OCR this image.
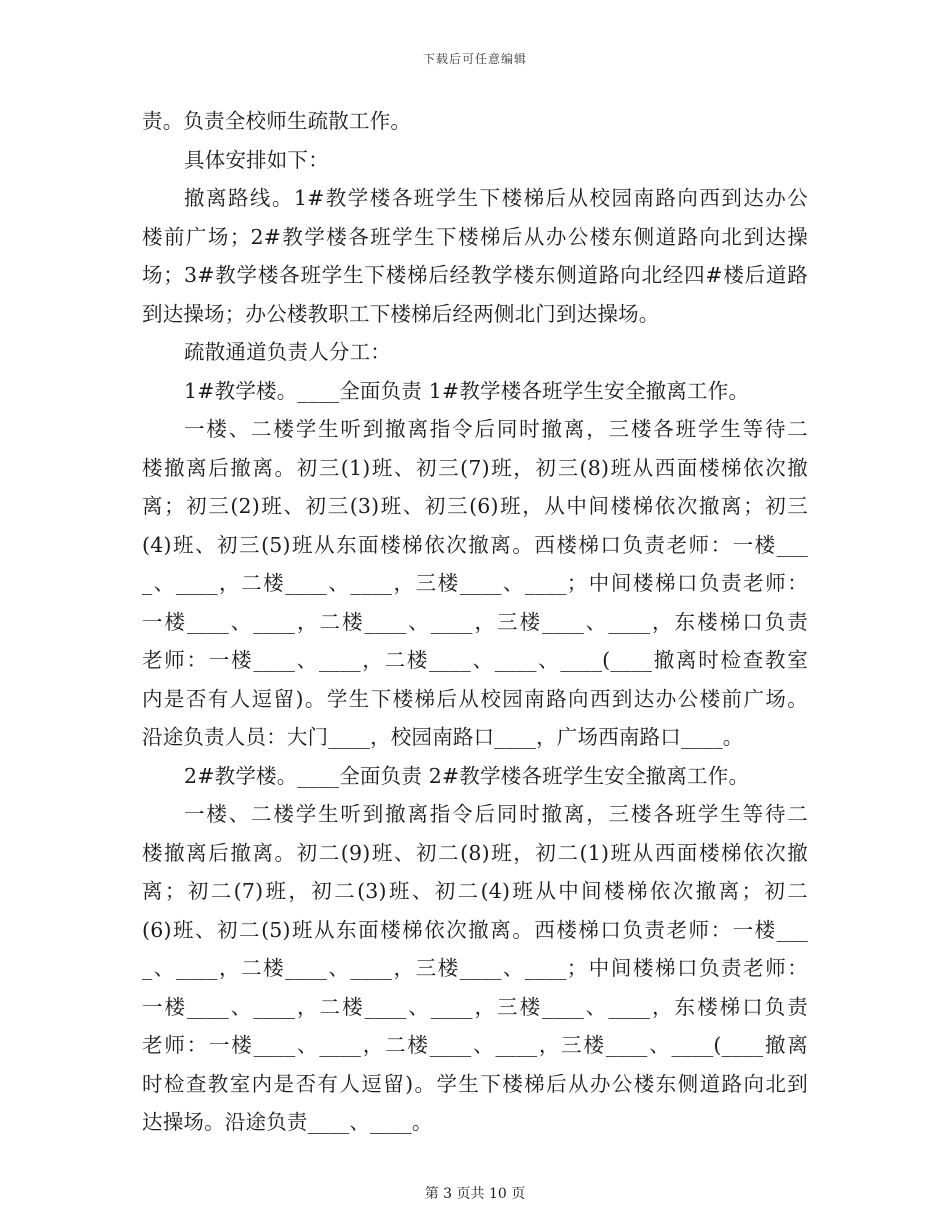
下载后可任意编辑
责。负责全校师生疏散工作。
具体安排如下：
撤离路线。1#教学楼各班学生下楼梯后从校园南路向西到达办公
楼前广场；2#教学楼各班学生下楼梯后从办公楼东侧道路向北到达操
场；3#教学楼各班学生下楼梯后经教学楼东侧道路向北经四#楼后道路
到达操场；办公楼教职工下楼梯后经两侧北门到达操场。
疏散通道负责人分工：
1#教学楼。____全面负责 1#教学楼各班学生安全撤离工作。
一楼、二楼学生听到撤离指令后同时撤离，三楼各班学生等待二
楼撤离后撤离。初三(1)班、初三(7)班，初三(8)班从西面楼梯依次撤
离；初三(2)班、初三(3)班、初三(6)班，从中间楼梯依次撤离；初三
(4)班、初三(5)班从东面楼梯依次撤离。西楼梯口负责老师：一楼___
_、____，二楼____、____，三楼____、____；中间楼梯口负责老师：
一楼____、____，二楼____、____，三楼____、____，东楼梯口负责
老师：一楼____、____，二楼____、____、____(____撤离时检查教室
内是否有人逗留)。学生下楼梯后从校园南路向西到达办公楼前广场。
沿途负责人员：大门____，校园南路口____，广场西南路口____。
2#教学楼。____全面负责 2#教学楼各班学生安全撤离工作。
一楼、二楼学生听到撤离指令后同时撤离，三楼各班学生等待二
楼撤离后撤离。初二(9)班、初二(8)班，初二(1)班从西面楼梯依次撤
离；初二(7)班，初二(3)班、初二(4)班从中间楼梯依次撤离；初二
(6)班、初二(5)班从东面楼梯依次撤离。西楼梯口负责老师：一楼___
_、____，二楼____、____，三楼____、____；中间楼梯口负责老师：
一楼____、____，二楼____、____，三楼____、____，东楼梯口负责
老师：一楼____、____，二楼____、____，三楼____、____(____撤离
时检查教室内是否有人逗留)。学生下楼梯后从办公楼东侧道路向北到
达操场。沿途负责____、____。
第 3 页共 10 页
